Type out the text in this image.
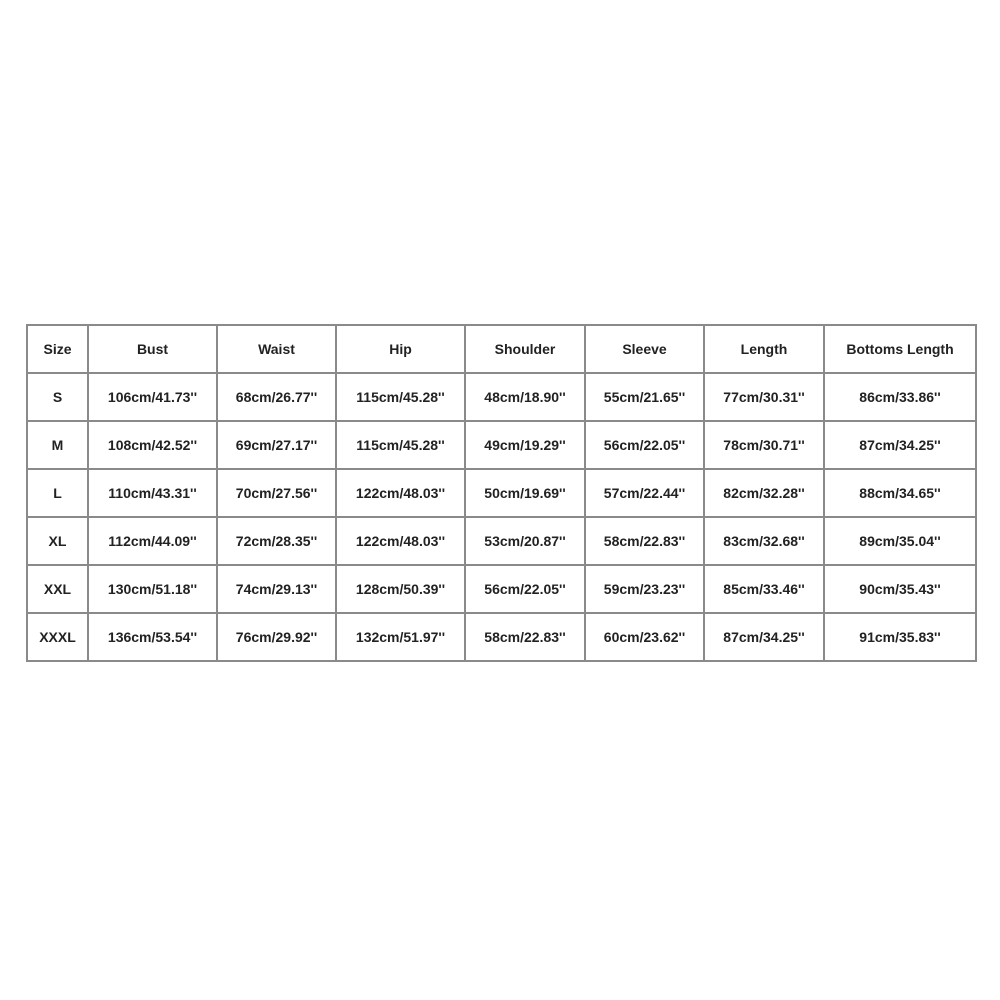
Size	Bust	Waist	Hip	Shoulder	Sleeve	Length	Bottoms Length
S	106cm/41.73''	68cm/26.77''	115cm/45.28''	48cm/18.90''	55cm/21.65''	77cm/30.31''	86cm/33.86''
M	108cm/42.52''	69cm/27.17''	115cm/45.28''	49cm/19.29''	56cm/22.05''	78cm/30.71''	87cm/34.25''
L	110cm/43.31''	70cm/27.56''	122cm/48.03''	50cm/19.69''	57cm/22.44''	82cm/32.28''	88cm/34.65''
XL	112cm/44.09''	72cm/28.35''	122cm/48.03''	53cm/20.87''	58cm/22.83''	83cm/32.68''	89cm/35.04''
XXL	130cm/51.18''	74cm/29.13''	128cm/50.39''	56cm/22.05''	59cm/23.23''	85cm/33.46''	90cm/35.43''
XXXL	136cm/53.54''	76cm/29.92''	132cm/51.97''	58cm/22.83''	60cm/23.62''	87cm/34.25''	91cm/35.83''
